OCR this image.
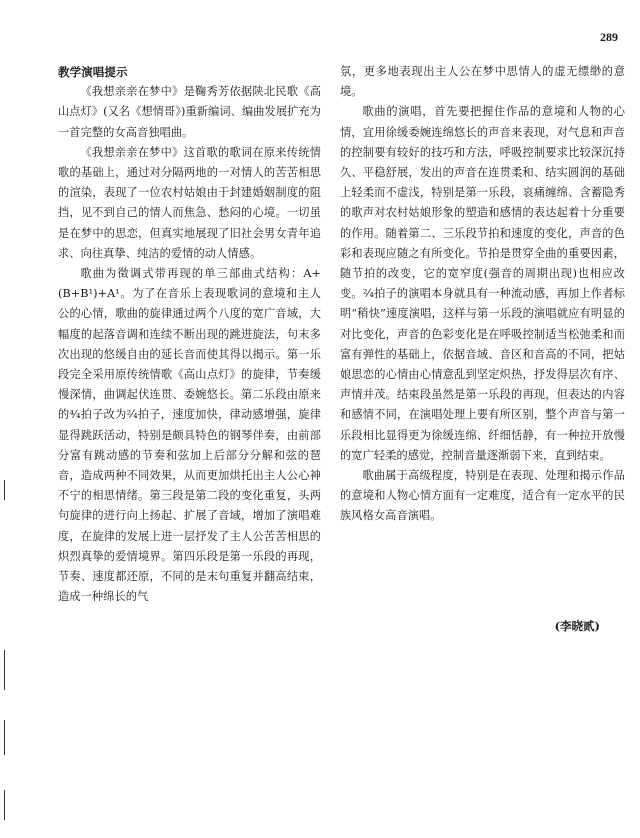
289

教学演唱提示

《我想亲亲在梦中》是鞠秀芳依据陕北民歌《高山点灯》(又名《想情哥》)重新编词、编曲发展扩充为一首完整的女高音独唱曲。

《我想亲亲在梦中》这首歌的歌词在原来传统情歌的基础上，通过对分隔两地的一对情人的苦苦相思的渲染，表现了一位农村姑娘由于封建婚姻制度的阻挡，见不到自己的情人而焦急、愁闷的心境。一切虽是在梦中的思恋，但真实地展现了旧社会男女青年追求、向往真挚、纯洁的爱情的动人情感。

歌曲为徵调式带再现的单三部曲式结构：A+(B+B¹)+A¹。为了在音乐上表现歌词的意境和主人公的心情，歌曲的旋律通过两个八度的宽广音域，大幅度的起落音调和连续不断出现的跳进旋法，句末多次出现的悠缓自由的延长音而使其得以揭示。第一乐段完全采用原传统情歌《高山点灯》的旋律，节奏缓慢深情，曲调起伏连贯、委婉悠长。第二乐段由原来的⁴⁄₄拍子改为²⁄₄拍子，速度加快，律动感增强，旋律显得跳跃活动，特别是颇具特色的钢琴伴奏，由前部分富有跳动感的节奏和弦加上后部分分解和弦的琶音，造成两种不同效果，从而更加烘托出主人公心神不宁的相思情绪。第三段是第二段的变化重复，头两句旋律的进行向上扬起、扩展了音域，增加了演唱难度，在旋律的发展上进一层抒发了主人公苦苦相思的炽烈真挚的爱情境界。第四乐段是第一乐段的再现，节奏、速度都还原，不同的是末句重复并翻高结束，造成一种绵长的气

氛，更多地表现出主人公在梦中思情人的虚无缥缈的意境。

歌曲的演唱，首先要把握住作品的意境和人物的心情，宜用徐缓委婉连绵悠长的声音来表现，对气息和声音的控制要有较好的技巧和方法，呼吸控制要求比较深沉持久、平稳舒展，发出的声音在连贯柔和、结实圆润的基础上轻柔而不虚浅，特别是第一乐段，哀痛缠绵、含蓄隐秀的歌声对农村姑娘形象的塑造和感情的表达起着十分重要的作用。随着第二、三乐段节拍和速度的变化，声音的色彩和表现应随之有所变化。节拍是贯穿全曲的重要因素，随节拍的改变，它的宽窄度(强音的周期出现)也相应改变。²⁄₄拍子的演唱本身就具有一种流动感，再加上作者标明“稍快”速度演唱，这样与第一乐段的演唱就应有明显的对比变化，声音的色彩变化是在呼吸控制适当松弛柔和而富有弹性的基础上，依据音域、音区和音高的不同，把姑娘思恋的心情由心情意乱到坚定炽热，抒发得层次有序、声情并茂。结束段虽然是第一乐段的再现，但表达的内容和感情不同，在演唱处理上要有所区别，整个声音与第一乐段相比显得更为徐缓连绵、纤细恬静，有一种拉开放慢的宽广轻柔的感觉，控制音量逐渐弱下来，直到结束。

歌曲属于高级程度，特别是在表现、处理和揭示作品的意境和人物心情方面有一定难度，适合有一定水平的民族风格女高音演唱。

(李晓贰)
